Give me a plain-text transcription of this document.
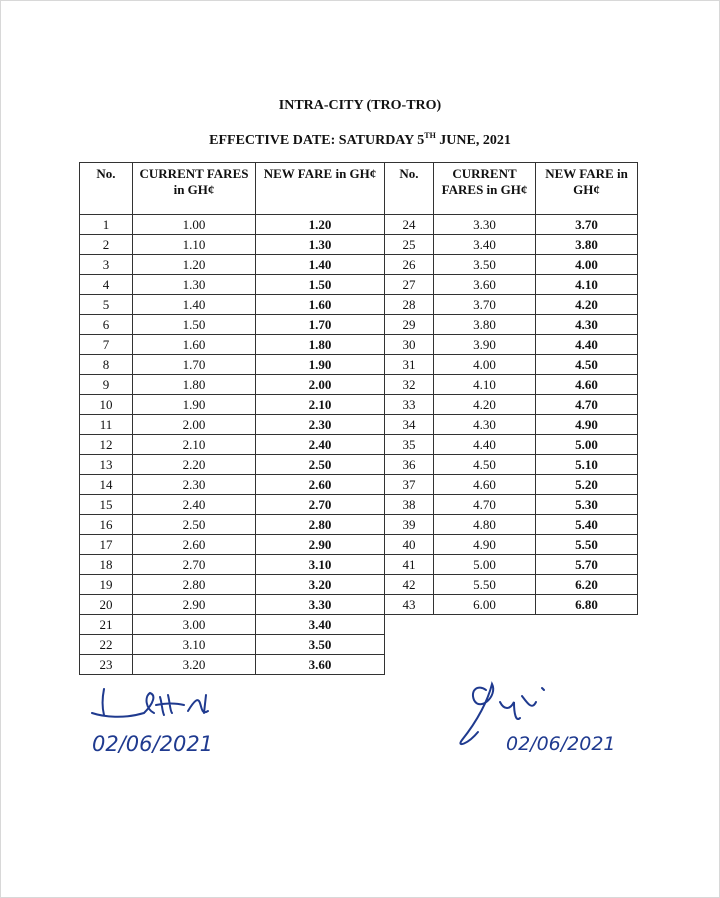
INTRA-CITY (TRO-TRO)
EFFECTIVE DATE: SATURDAY 5TH JUNE, 2021
No.	CURRENT FARES in GH¢	NEW FARE in GH¢
1	1.00	1.20
2	1.10	1.30
3	1.20	1.40
4	1.30	1.50
5	1.40	1.60
6	1.50	1.70
7	1.60	1.80
8	1.70	1.90
9	1.80	2.00
10	1.90	2.10
11	2.00	2.30
12	2.10	2.40
13	2.20	2.50
14	2.30	2.60
15	2.40	2.70
16	2.50	2.80
17	2.60	2.90
18	2.70	3.10
19	2.80	3.20
20	2.90	3.30
21	3.00	3.40
22	3.10	3.50
23	3.20	3.60
No.	CURRENT FARES in GH¢	NEW FARE in GH¢
24	3.30	3.70
25	3.40	3.80
26	3.50	4.00
27	3.60	4.10
28	3.70	4.20
29	3.80	4.30
30	3.90	4.40
31	4.00	4.50
32	4.10	4.60
33	4.20	4.70
34	4.30	4.90
35	4.40	5.00
36	4.50	5.10
37	4.60	5.20
38	4.70	5.30
39	4.80	5.40
40	4.90	5.50
41	5.00	5.70
42	5.50	6.20
43	6.00	6.80
02/06/2021	02/06/2021
